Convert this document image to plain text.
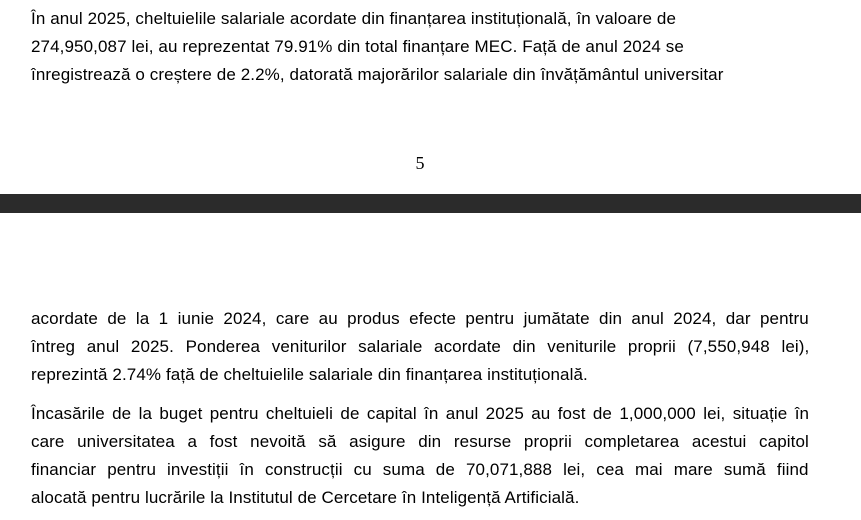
În anul 2025, cheltuielile salariale acordate din finanțarea instituțională, în valoare de

274,950,087 lei, au reprezentat 79.91% din total finanțare MEC. Față de anul 2024 se

înregistrează o creștere de 2.2%, datorată majorărilor salariale din învățământul universitar

5

acordate de la 1 iunie 2024, care au produs efecte pentru jumătate din anul 2024, dar pentru

întreg anul 2025. Ponderea veniturilor salariale acordate din veniturile proprii (7,550,948 lei),

reprezintă 2.74% față de cheltuielile salariale din finanțarea instituțională.

Încasările de la buget pentru cheltuieli de capital în anul 2025 au fost de 1,000,000 lei, situație în

care universitatea a fost nevoită să asigure din resurse proprii completarea acestui capitol

financiar pentru investiții în construcții cu suma de 70,071,888 lei, cea mai mare sumă fiind

alocată pentru lucrările la Institutul de Cercetare în Inteligență Artificială.
